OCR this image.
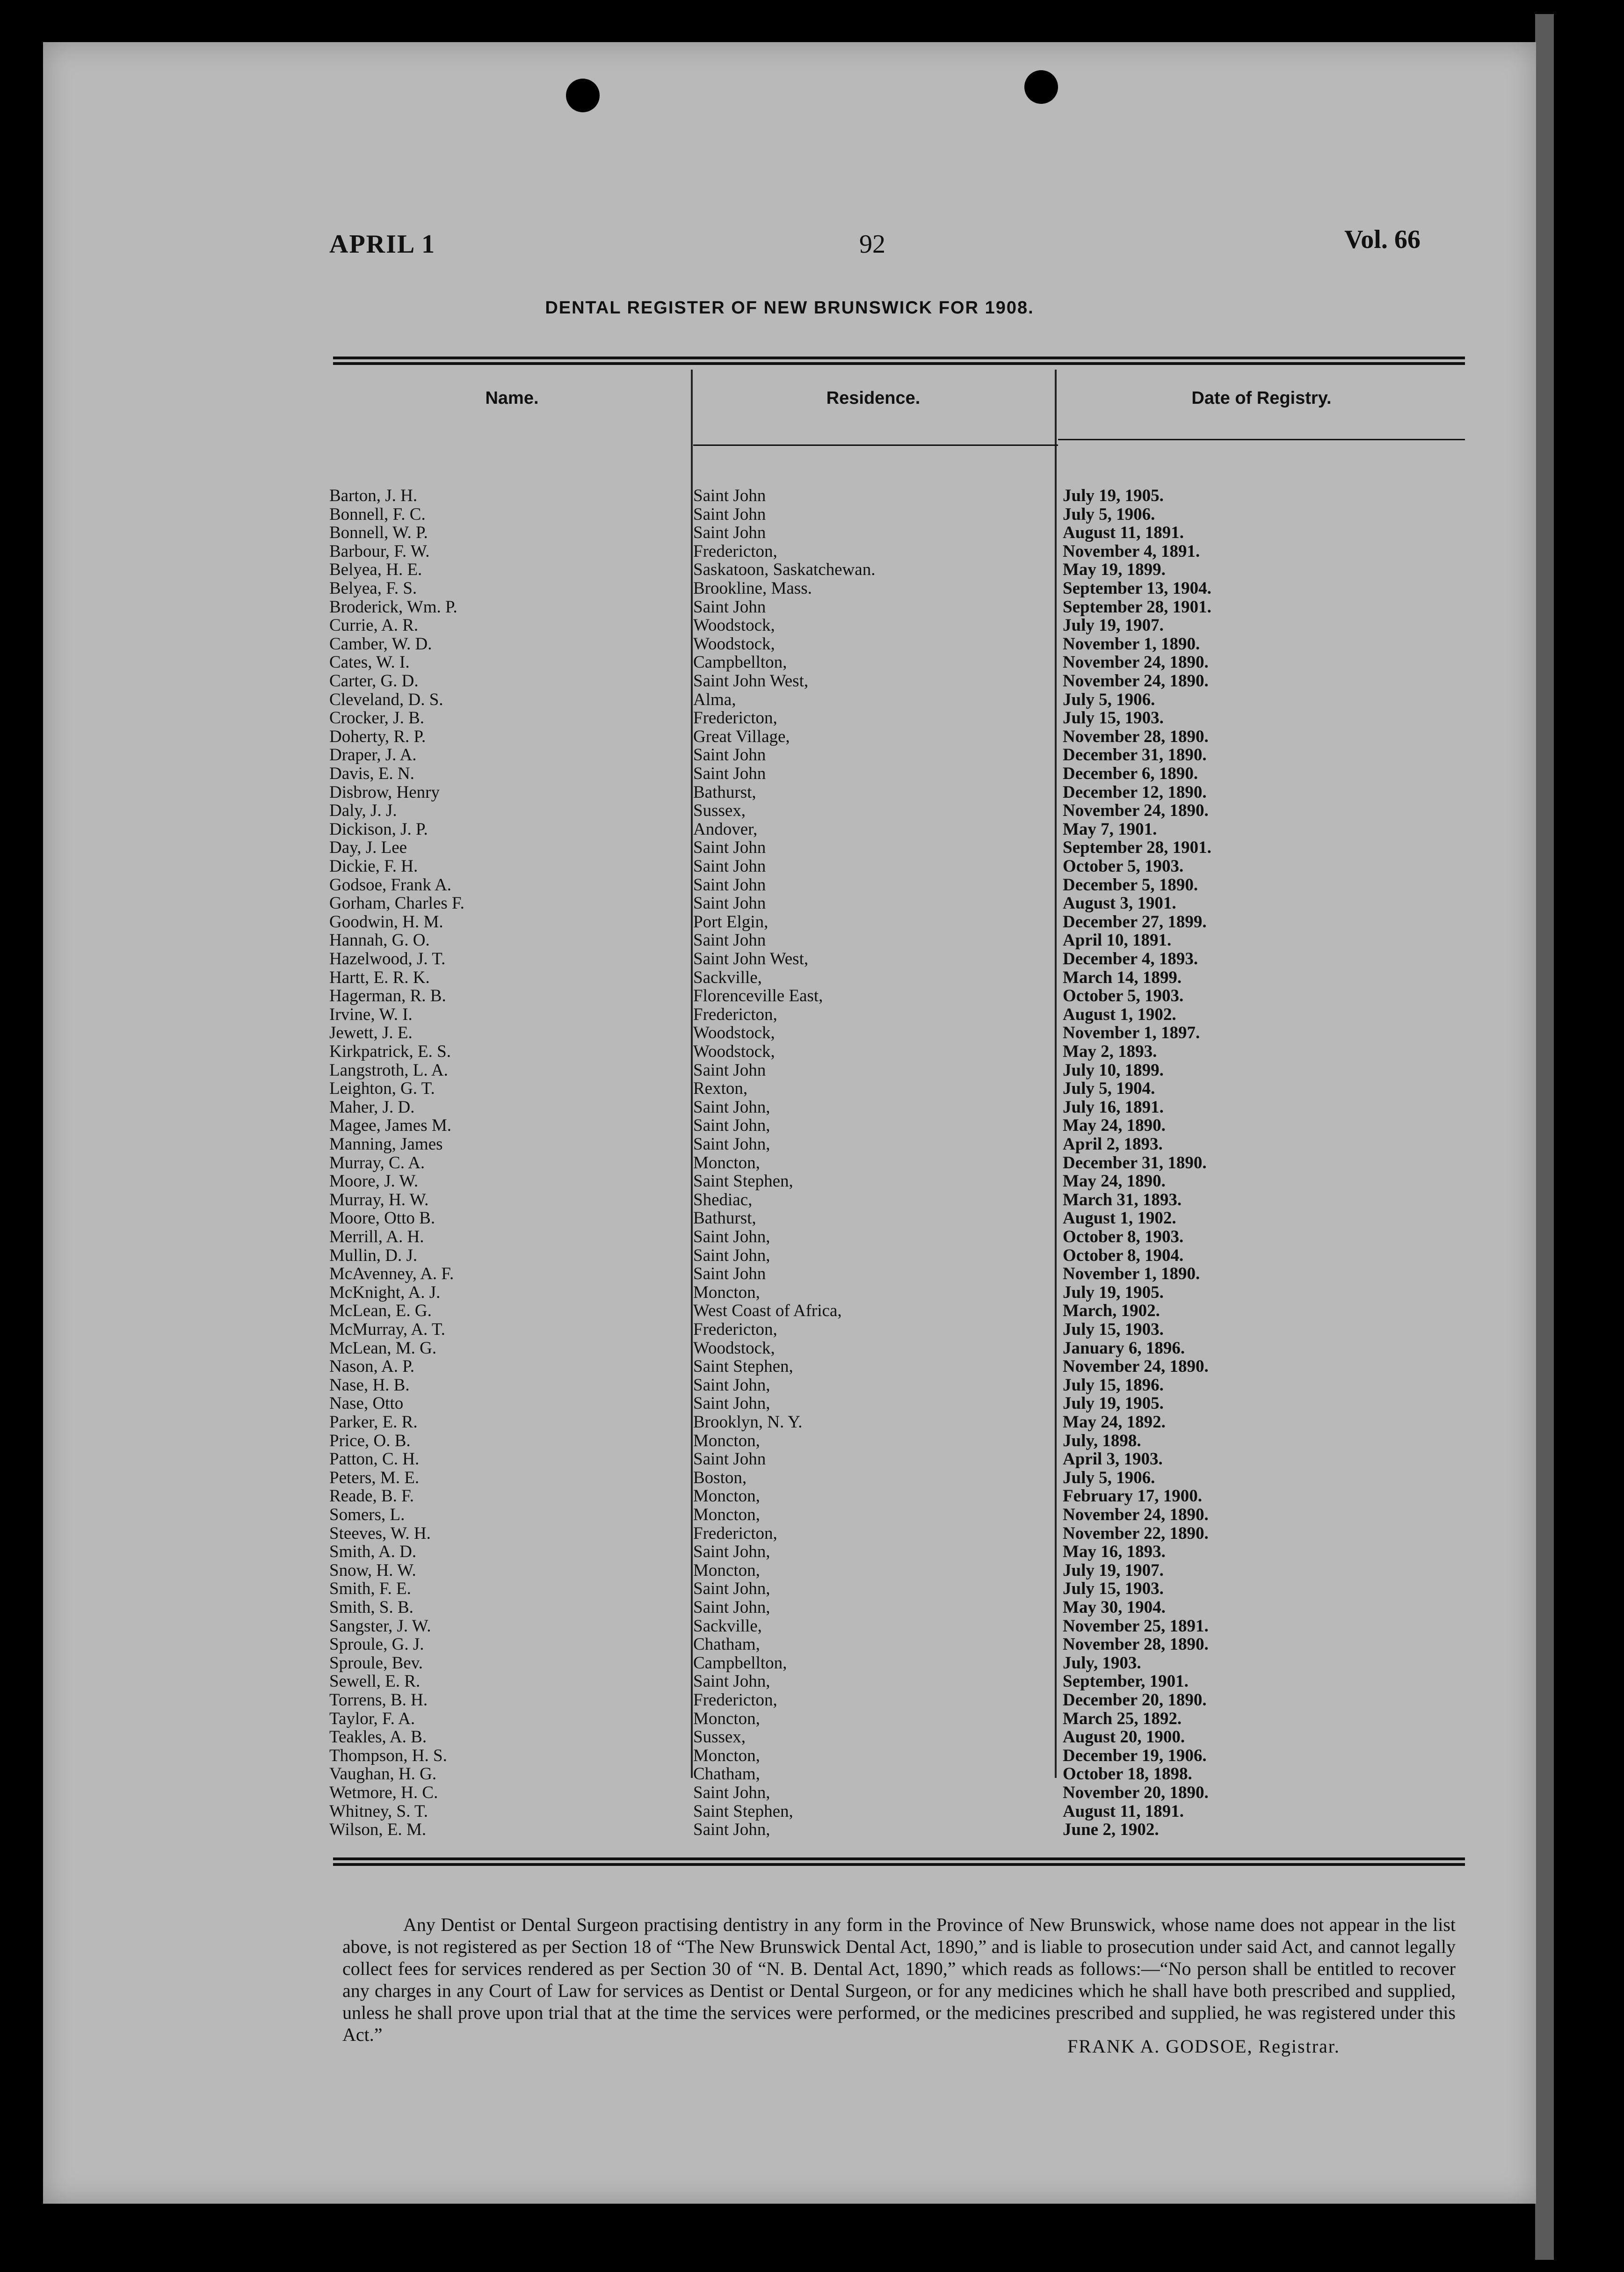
APRIL 1	92	Vol. 66
DENTAL REGISTER OF NEW BRUNSWICK FOR 1908.
Name.	Residence.	Date of Registry.
Barton, J. H.	Saint John	July 19, 1905.
Bonnell, F. C.	Saint John	July 5, 1906.
Bonnell, W. P.	Saint John	August 11, 1891.
Barbour, F. W.	Fredericton,	November 4, 1891.
Belyea, H. E.	Saskatoon, Saskatchewan.	May 19, 1899.
Belyea, F. S.	Brookline, Mass.	September 13, 1904.
Broderick, Wm. P.	Saint John	September 28, 1901.
Currie, A. R.	Woodstock,	July 19, 1907.
Camber, W. D.	Woodstock,	November 1, 1890.
Cates, W. I.	Campbellton,	November 24, 1890.
Carter, G. D.	Saint John West,	November 24, 1890.
Cleveland, D. S.	Alma,	July 5, 1906.
Crocker, J. B.	Fredericton,	July 15, 1903.
Doherty, R. P.	Great Village,	November 28, 1890.
Draper, J. A.	Saint John	December 31, 1890.
Davis, E. N.	Saint John	December 6, 1890.
Disbrow, Henry	Bathurst,	December 12, 1890.
Daly, J. J.	Sussex,	November 24, 1890.
Dickison, J. P.	Andover,	May 7, 1901.
Day, J. Lee	Saint John	September 28, 1901.
Dickie, F. H.	Saint John	October 5, 1903.
Godsoe, Frank A.	Saint John	December 5, 1890.
Gorham, Charles F.	Saint John	August 3, 1901.
Goodwin, H. M.	Port Elgin,	December 27, 1899.
Hannah, G. O.	Saint John	April 10, 1891.
Hazelwood, J. T.	Saint John West,	December 4, 1893.
Hartt, E. R. K.	Sackville,	March 14, 1899.
Hagerman, R. B.	Florenceville East,	October 5, 1903.
Irvine, W. I.	Fredericton,	August 1, 1902.
Jewett, J. E.	Woodstock,	November 1, 1897.
Kirkpatrick, E. S.	Woodstock,	May 2, 1893.
Langstroth, L. A.	Saint John	July 10, 1899.
Leighton, G. T.	Rexton,	July 5, 1904.
Maher, J. D.	Saint John,	July 16, 1891.
Magee, James M.	Saint John,	May 24, 1890.
Manning, James	Saint John,	April 2, 1893.
Murray, C. A.	Moncton,	December 31, 1890.
Moore, J. W.	Saint Stephen,	May 24, 1890.
Murray, H. W.	Shediac,	March 31, 1893.
Moore, Otto B.	Bathurst,	August 1, 1902.
Merrill, A. H.	Saint John,	October 8, 1903.
Mullin, D. J.	Saint John,	October 8, 1904.
McAvenney, A. F.	Saint John	November 1, 1890.
McKnight, A. J.	Moncton,	July 19, 1905.
McLean, E. G.	West Coast of Africa,	March, 1902.
McMurray, A. T.	Fredericton,	July 15, 1903.
McLean, M. G.	Woodstock,	January 6, 1896.
Nason, A. P.	Saint Stephen,	November 24, 1890.
Nase, H. B.	Saint John,	July 15, 1896.
Nase, Otto	Saint John,	July 19, 1905.
Parker, E. R.	Brooklyn, N. Y.	May 24, 1892.
Price, O. B.	Moncton,	July, 1898.
Patton, C. H.	Saint John	April 3, 1903.
Peters, M. E.	Boston,	July 5, 1906.
Reade, B. F.	Moncton,	February 17, 1900.
Somers, L.	Moncton,	November 24, 1890.
Steeves, W. H.	Fredericton,	November 22, 1890.
Smith, A. D.	Saint John,	May 16, 1893.
Snow, H. W.	Moncton,	July 19, 1907.
Smith, F. E.	Saint John,	July 15, 1903.
Smith, S. B.	Saint John,	May 30, 1904.
Sangster, J. W.	Sackville,	November 25, 1891.
Sproule, G. J.	Chatham,	November 28, 1890.
Sproule, Bev.	Campbellton,	July, 1903.
Sewell, E. R.	Saint John,	September, 1901.
Torrens, B. H.	Fredericton,	December 20, 1890.
Taylor, F. A.	Moncton,	March 25, 1892.
Teakles, A. B.	Sussex,	August 20, 1900.
Thompson, H. S.	Moncton,	December 19, 1906.
Vaughan, H. G.	Chatham,	October 18, 1898.
Wetmore, H. C.	Saint John,	November 20, 1890.
Whitney, S. T.	Saint Stephen,	August 11, 1891.
Wilson, E. M.	Saint John,	June 2, 1902.

Any Dentist or Dental Surgeon practising dentistry in any form in the Province of New Brunswick, whose name does not appear in the list above, is not registered as per Section 18 of “The New Brunswick Dental Act, 1890,” and is liable to prosecution under said Act, and cannot legally collect fees for services rendered as per Section 30 of “N. B. Dental Act, 1890,” which reads as follows:—“No person shall be entitled to recover any charges in any Court of Law for services as Dentist or Dental Surgeon, or for any medicines which he shall have both prescribed and supplied, unless he shall prove upon trial that at the time the services were performed, or the medicines prescribed and supplied, he was registered under this Act.”

FRANK A. GODSOE, Registrar.
